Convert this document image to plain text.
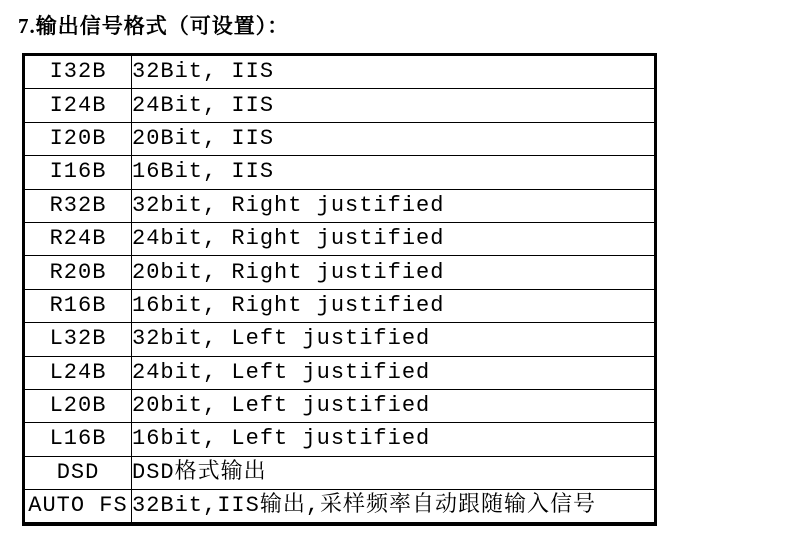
7.输出信号格式（可设置）：
I32B	32Bit, IIS
I24B	24Bit, IIS
I20B	20Bit, IIS
I16B	16Bit, IIS
R32B	32bit, Right justified
R24B	24bit, Right justified
R20B	20bit, Right justified
R16B	16bit, Right justified
L32B	32bit, Left justified
L24B	24bit, Left justified
L20B	20bit, Left justified
L16B	16bit, Left justified
DSD	DSD格式输出
AUTO FS	32Bit,IIS输出,采样频率自动跟随输入信号
